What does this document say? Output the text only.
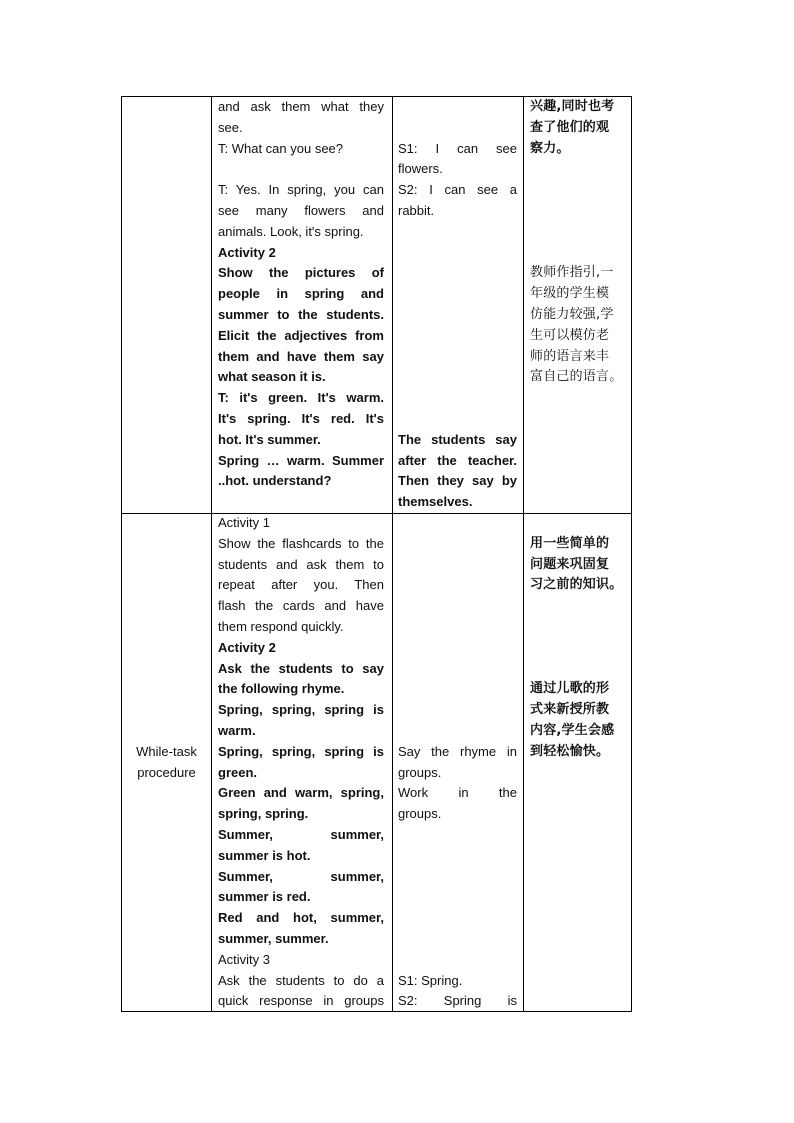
and ask them what they
see.
T: What can you see?
T: Yes. In spring, you can
see many flowers and
animals. Look, it's spring.
Activity 2
Show the pictures of
people in spring and
summer to the students.
Elicit the adjectives from
them and have them say
what season it is.
T: it's green. It's warm.
It's spring. It's red. It's
hot. It's summer.
Spring … warm. Summer
..hot. understand?
S1: I can see
flowers.
S2: I can see a
rabbit.
The students say
after the teacher.
Then they say by
themselves.
兴趣,同时也考
查了他们的观
察力。
教师作指引,一
年级的学生模
仿能力较强,学
生可以模仿老
师的语言来丰
富自己的语言。
While-task
procedure
Activity 1
Show the flashcards to the
students and ask them to
repeat after you. Then
flash the cards and have
them respond quickly.
Activity 2
Ask the students to say
the following rhyme.
Spring, spring, spring is
warm.
Spring, spring, spring is
green.
Green and warm, spring,
spring, spring.
Summer, summer,
summer is hot.
Summer, summer,
summer is red.
Red and hot, summer,
summer, summer.
Activity 3
Ask the students to do a
quick response in groups
Say the rhyme in
groups.
Work in the
groups.
S1: Spring.
S2: Spring is
用一些简单的
问题来巩固复
习之前的知识。
通过儿歌的形
式来新授所教
内容,学生会感
到轻松愉快。
